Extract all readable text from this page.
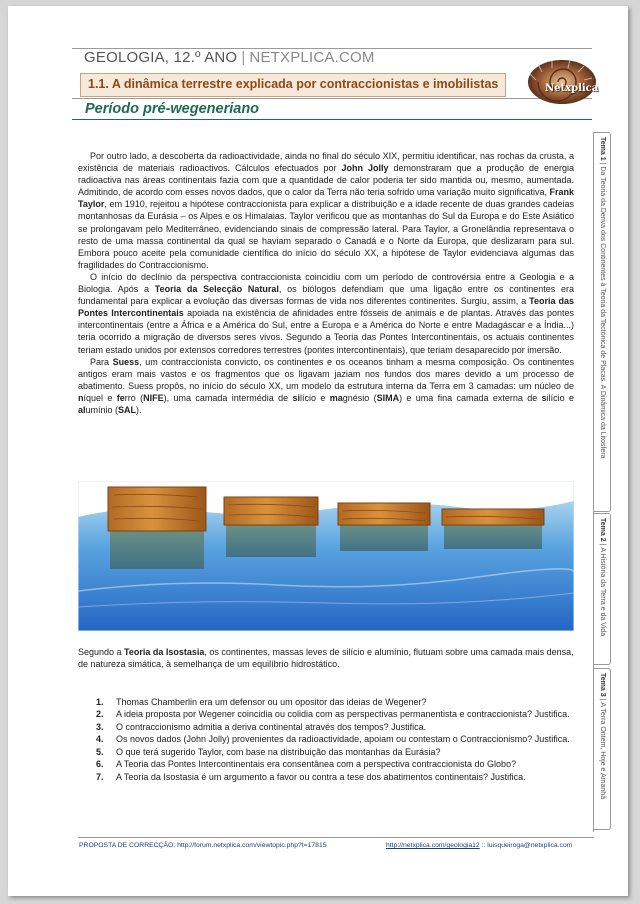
GEOLOGIA, 12.º ANO | NETXPLICA.COM
1.1. A dinâmica terrestre explicada por contraccionistas e imobilistas
Período pré-wegeneriano
Netxplica
Tema 1 | Da Teoria da Deriva dos Continentes à Teoria da Tectónica de Placas. A Dinâmica da Litosfera
Tema 2 | A História da Terra e da Vida
Tema 3 | A Terra Ontem, Hoje e Amanhã

Por outro lado, a descoberta da radioactividade, ainda no final do século XIX, permitiu identificar, nas rochas da crusta, a existência de materiais radioactivos. Cálculos efectuados por John Jolly demonstraram que a produção de energia radioactiva nas áreas continentais fazia com que a quantidade de calor poderia ter sido mantida ou, mesmo, aumentada. Admitindo, de acordo com esses novos dados, que o calor da Terra não teria sofrido uma variação muito significativa, Frank Taylor, em 1910, rejeitou a hipótese contraccionista para explicar a distribuição e a idade recente de duas grandes cadeias montanhosas da Eurásia – os Alpes e os Himalaias. Taylor verificou que as montanhas do Sul da Europa e do Este Asiático se prolongavam pelo Mediterrâneo, evidenciando sinais de compressão lateral. Para Taylor, a Gronelândia representava o resto de uma massa continental da qual se haviam separado o Canadá e o Norte da Europa, que deslizaram para sul. Embora pouco aceite pela comunidade científica do início do século XX, a hipótese de Taylor evidenciava algumas das fragilidades do Contraccionismo.

O início do declínio da perspectiva contraccionista coincidiu com um período de controvérsia entre a Geologia e a Biologia. Após a Teoria da Selecção Natural, os biólogos defendiam que uma ligação entre os continentes era fundamental para explicar a evolução das diversas formas de vida nos diferentes continentes. Surgiu, assim, a Teoria das Pontes Intercontinentais apoiada na existência de afinidades entre fósseis de animais e de plantas. Através das pontes intercontinentais (entre a África e a América do Sul, entre a Europa e a América do Norte e entre Madagáscar e a Índia...) teria ocorrido a migração de diversos seres vivos. Segundo a Teoria das Pontes Intercontinentais, os actuais continentes teriam estado unidos por extensos corredores terrestres (pontes intercontinentais), que teriam desaparecido por imersão.

Para Suess, um contraccionista convicto, os continentes e os oceanos tinham a mesma composição. Os continentes antigos eram mais vastos e os fragmentos que os ligavam jaziam nos fundos dos mares devido a um processo de abatimento. Suess propôs, no início do século XX, um modelo da estrutura interna da Terra em 3 camadas: um núcleo de níquel e ferro (NIFE), uma camada intermédia de silício e magnésio (SIMA) e uma fina camada externa de silício e alumínio (SAL).

Segundo a Teoria da Isostasia, os continentes, massas leves de silício e alumínio, flutuam sobre uma camada mais densa, de natureza simática, à semelhança de um equilíbrio hidrostático.
1. Thomas Chamberlin era um defensor ou um opositor das ideias de Wegener?
2. A ideia proposta por Wegener coincidia ou colidia com as perspectivas permanentista e contraccionista? Justifica.
3. O contraccionismo admitia a deriva continental através dos tempos? Justifica.
4. Os novos dados (John Jolly) provenientes da radioactividade, apoiam ou contestam o Contraccionismo? Justifica.
5. O que terá sugerido Taylor, com base na distribuição das montanhas da Eurásia?
6. A Teoria das Pontes Intercontinentais era consentânea com a perspectiva contraccionista do Globo?
7. A Teoria da Isostasia é um argumento a favor ou contra a tese dos abatimentos continentais? Justifica.
PROPOSTA DE CORRECÇÃO: http://forum.netxplica.com/viewtopic.php?t=17815	http://netxplica.com/geologia12 :: luisqueiroga@netxplica.com
